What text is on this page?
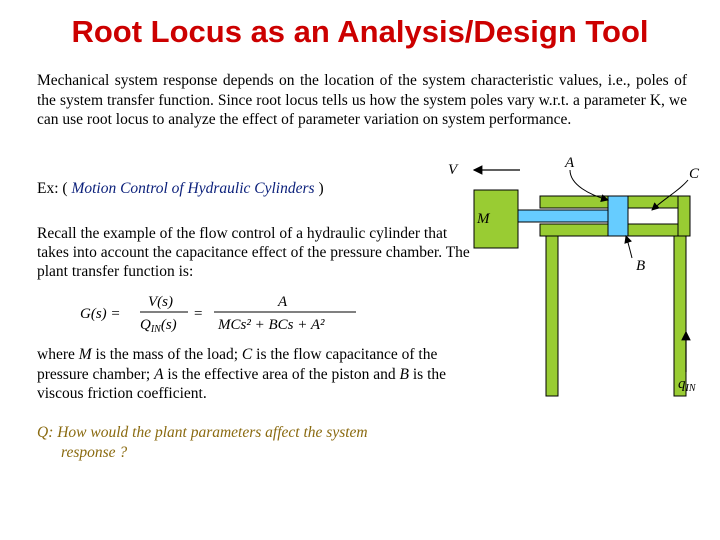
Root Locus as an Analysis/Design Tool
Mechanical system response depends on the location of the system characteristic values, i.e., poles of the system transfer function. Since root locus tells us how the system poles vary w.r.t. a parameter K, we can use root locus to analyze the effect of parameter variation on system performance.
Ex: ( Motion Control of Hydraulic Cylinders )
Recall the example of the flow control of a hydraulic cylinder that takes into account the capacitance effect of the pressure chamber. The plant transfer function is:
G(s) =
V(s)
$Q_{IN}(s)$
=
A
MCs² + BCs + A²
where M is the mass of the load; C is the flow capacitance of the pressure chamber; A is the effective area of the piston and B is the viscous friction coefficient.
Q: How would the plant parameters affect the system
response ?
V	A
C
M
B
$q_{IN}$
